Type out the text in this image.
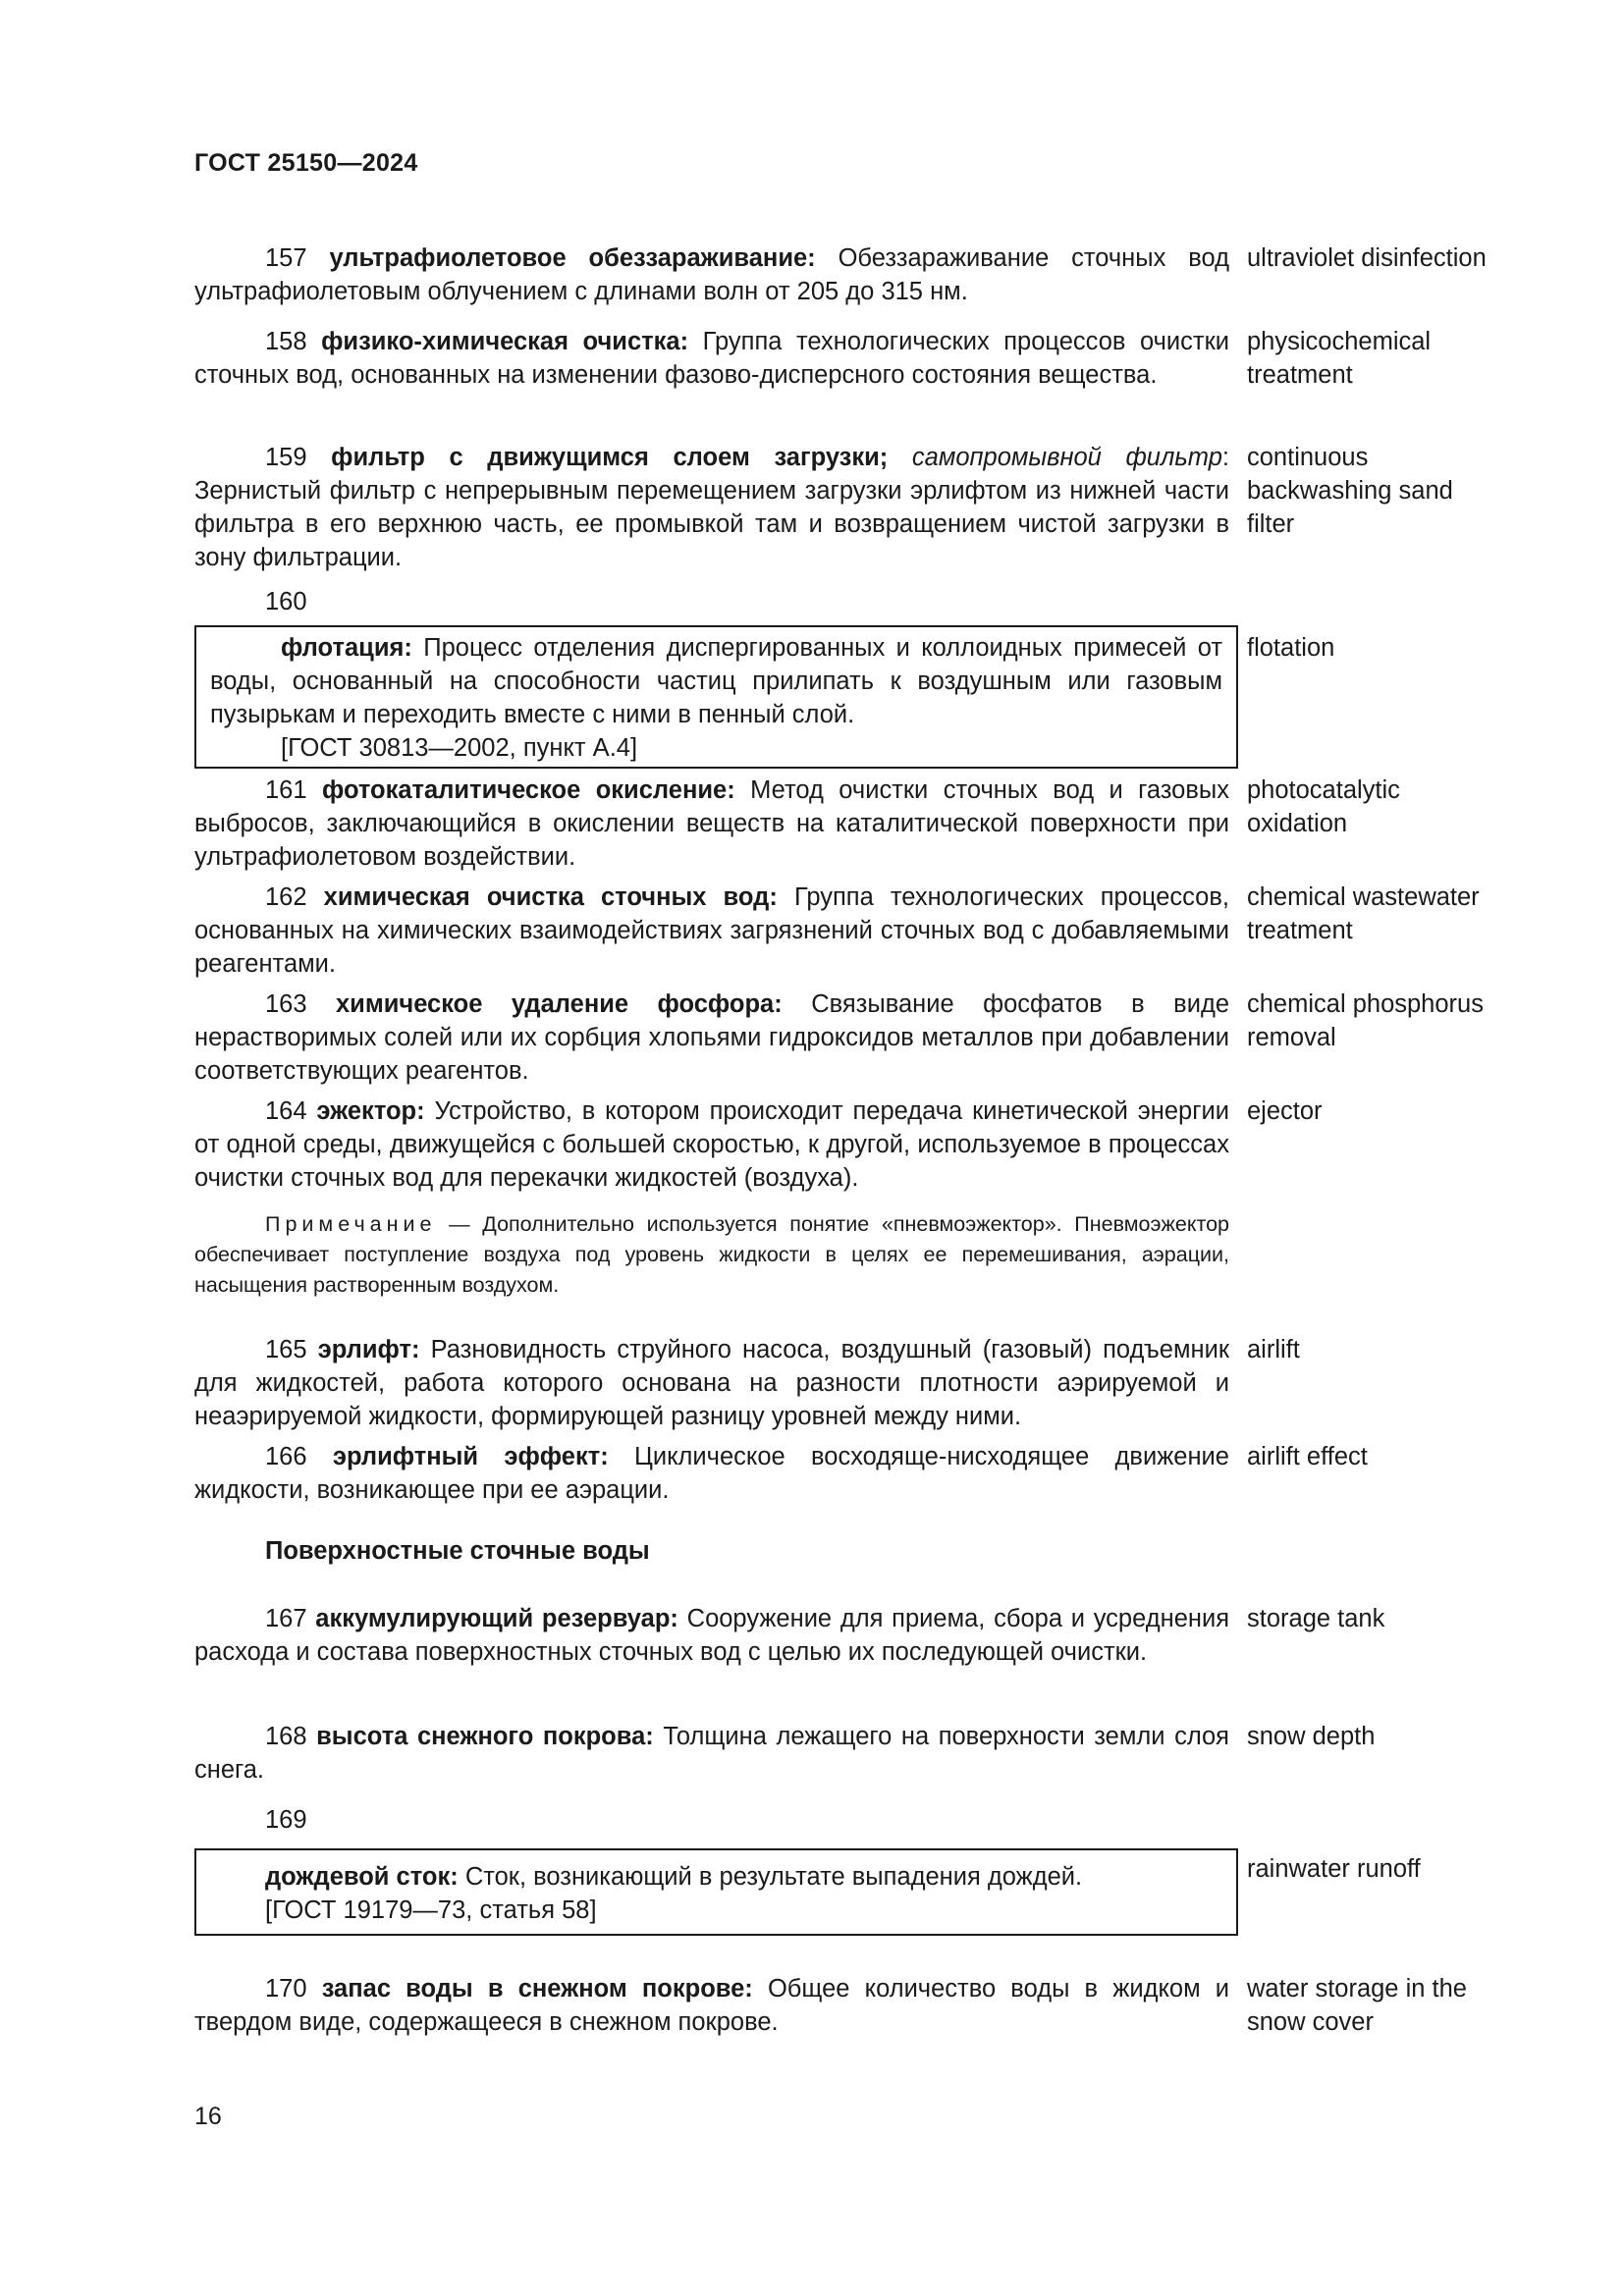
ГОСТ 25150—2024
157 ультрафиолетовое обеззараживание: Обеззараживание сточных вод ультрафиолетовым облучением с длинами волн от 205 до 315 нм.
ultraviolet disinfection
158 физико-химическая очистка: Группа технологических процессов очистки сточных вод, основанных на изменении фазово-дисперсного состояния вещества.
physicochemical treatment
159 фильтр с движущимся слоем загрузки; самопромывной фильтр: Зернистый фильтр с непрерывным перемещением загрузки эрлифтом из нижней части фильтра в его верхнюю часть, ее промывкой там и возвращением чистой загрузки в зону фильтрации.
continuous backwashing sand filter
160
флотация: Процесс отделения диспергированных и коллоидных примесей от воды, основанный на способности частиц прилипать к воздушным или газовым пузырькам и переходить вместе с ними в пенный слой.
[ГОСТ 30813—2002, пункт А.4]
flotation
161 фотокаталитическое окисление: Метод очистки сточных вод и газовых выбросов, заключающийся в окислении веществ на каталитической поверхности при ультрафиолетовом воздействии.
photocatalytic oxidation
162 химическая очистка сточных вод: Группа технологических процессов, основанных на химических взаимодействиях загрязнений сточных вод с добавляемыми реагентами.
chemical wastewater treatment
163 химическое удаление фосфора: Связывание фосфатов в виде нерастворимых солей или их сорбция хлопьями гидроксидов металлов при добавлении соответствующих реагентов.
chemical phosphorus removal
164 эжектор: Устройство, в котором происходит передача кинетической энергии от одной среды, движущейся с большей скоростью, к другой, используемое в процессах очистки сточных вод для перекачки жидкостей (воздуха).
ejector
Примечание — Дополнительно используется понятие «пневмоэжектор». Пневмоэжектор обеспечивает поступление воздуха под уровень жидкости в целях ее перемешивания, аэрации, насыщения растворенным воздухом.
165 эрлифт: Разновидность струйного насоса, воздушный (газовый) подъемник для жидкостей, работа которого основана на разности плотности аэрируемой и неаэрируемой жидкости, формирующей разницу уровней между ними.
airlift
166 эрлифтный эффект: Циклическое восходяще-нисходящее движение жидкости, возникающее при ее аэрации.
airlift effect
Поверхностные сточные воды
167 аккумулирующий резервуар: Сооружение для приема, сбора и усреднения расхода и состава поверхностных сточных вод с целью их последующей очистки.
storage tank
168 высота снежного покрова: Толщина лежащего на поверхности земли слоя снега.
snow depth
169
дождевой сток: Сток, возникающий в результате выпадения дождей.
[ГОСТ 19179—73, статья 58]
rainwater runoff
170 запас воды в снежном покрове: Общее количество воды в жидком и твердом виде, содержащееся в снежном покрове.
water storage in the snow cover
16
